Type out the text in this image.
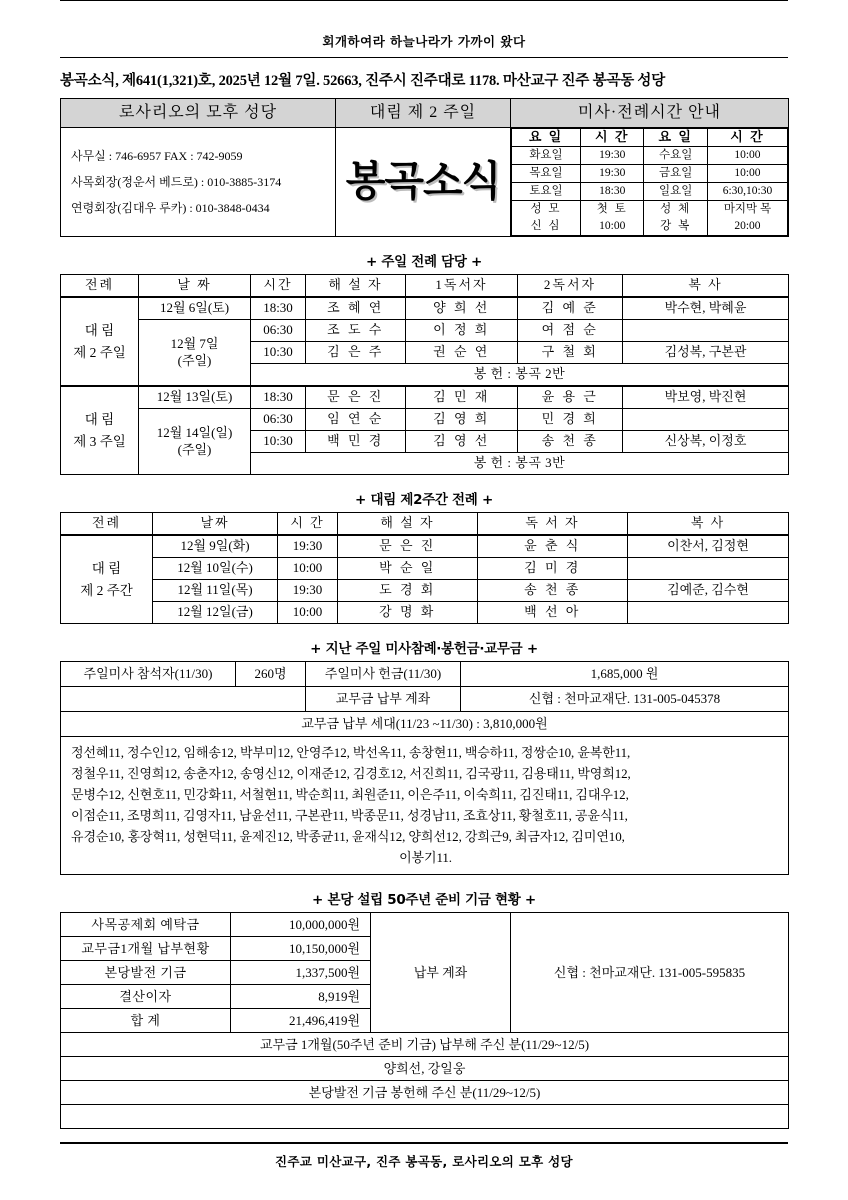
회개하여라 하늘나라가 가까이 왔다
봉곡소식, 제641(1,321)호, 2025년 12월 7일. 52663, 진주시 진주대로 1178. 마산교구 진주 봉곡동 성당
로사리오의 모후 성당	대림 제 2 주일	미사·전례시간 안내

사무실 : 746-6957 FAX : 742-9059
사목회장(정운서 베드로) : 010-3885-3174
연령회장(김대우 루카) : 010-3848-0434

봉곡소식

요 일	시 간	요 일	시 간
화요일	19:30	수요일	10:00
목요일	19:30	금요일	10:00
토요일	18:30	일요일	6:30,10:30
성 모	첫 토	성 체	마지막 목
신 심	10:00	강 복	20:00
+ 주일 전례 담당 +
전례	날 짜	시간	해 설 자	1독서자	2독서자	복 사

대 림
제 2 주일	12월 6일(토)	18:30	조 혜 연	양 희 선	김 예 준	박수현, 박혜윤

	12월 7일
(주일)	06:30	조 도 수	이 정 희	여 점 순	
		10:30	김 은 주	권 순 연	구 철 회	김성복, 구본관
		봉 헌 : 봉곡 2반				

대 림
제 3 주일	12월 13일(토)	18:30	문 은 진	김 민 재	윤 용 근	박보영, 박진현

	12월 14일(일)
(주일)	06:30	임 연 순	김 영 희	민 경 희	
		10:30	백 민 경	김 영 선	송 천 종	신상복, 이정호
		봉 헌 : 봉곡 3반				
+ 대림 제2주간 전례 +
전례	날짜	시 간	해 설 자	독 서 자	복 사

대 림
제 2 주간	12월 9일(화)	19:30	문 은 진	윤 춘 식	이찬서, 김정현
	12월 10일(수)	10:00	박 순 일	김 미 경	
	12월 11일(목)	19:30	도 경 회	송 천 종	김예준, 김수현
	12월 12일(금)	10:00	강 명 화	백 선 아	
+ 지난 주일 미사참례·봉헌금·교무금 +
주일미사 참석자(11/30)	260명	주일미사 헌금(11/30)	1,685,000 원
		교무금 납부 계좌	신협 : 천마교재단. 131-005-045378
교무금 납부 세대(11/23 ~11/30) : 3,810,000원			
정선혜11, 정수인12, 임해송12, 박부미12, 안영주12, 박선옥11, 송창현11, 백승하11, 정쌍순10, 윤복한11,
정철우11, 진영희12, 송춘자12, 송영신12, 이재준12, 김경호12, 서진희11, 김국광11, 김용태11, 박영희12,
문병수12, 신현호11, 민강화11, 서철현11, 박순희11, 최원준11, 이은주11, 이숙희11, 김진태11, 김대우12,
이점순11, 조명희11, 김영자11, 남윤선11, 구본관11, 박종문11, 성경남11, 조효상11, 황철호11, 공윤식11,
유경순10, 홍장혁11, 성현덕11, 윤제진12, 박종균11, 윤재식12, 양희선12, 강희근9, 최금자12, 김미연10,

이봉기11.
+ 본당 설립 50주년 준비 기금 현황 +
사목공제회 예탁금	10,000,000원	납부 계좌	신협 : 천마교재단. 131-005-595835
교무금1개월 납부현황	10,150,000원		
본당발전 기금	1,337,500원		
결산이자	8,919원		
합 계	21,496,419원		
교무금 1개월(50주년 준비 기금) 납부해 주신 분(11/29~12/5)			
양희선, 강일웅			
본당발전 기금 봉헌해 주신 분(11/29~12/5)			

진주교 미산교구, 진주 봉곡동, 로사리오의 모후 성당
